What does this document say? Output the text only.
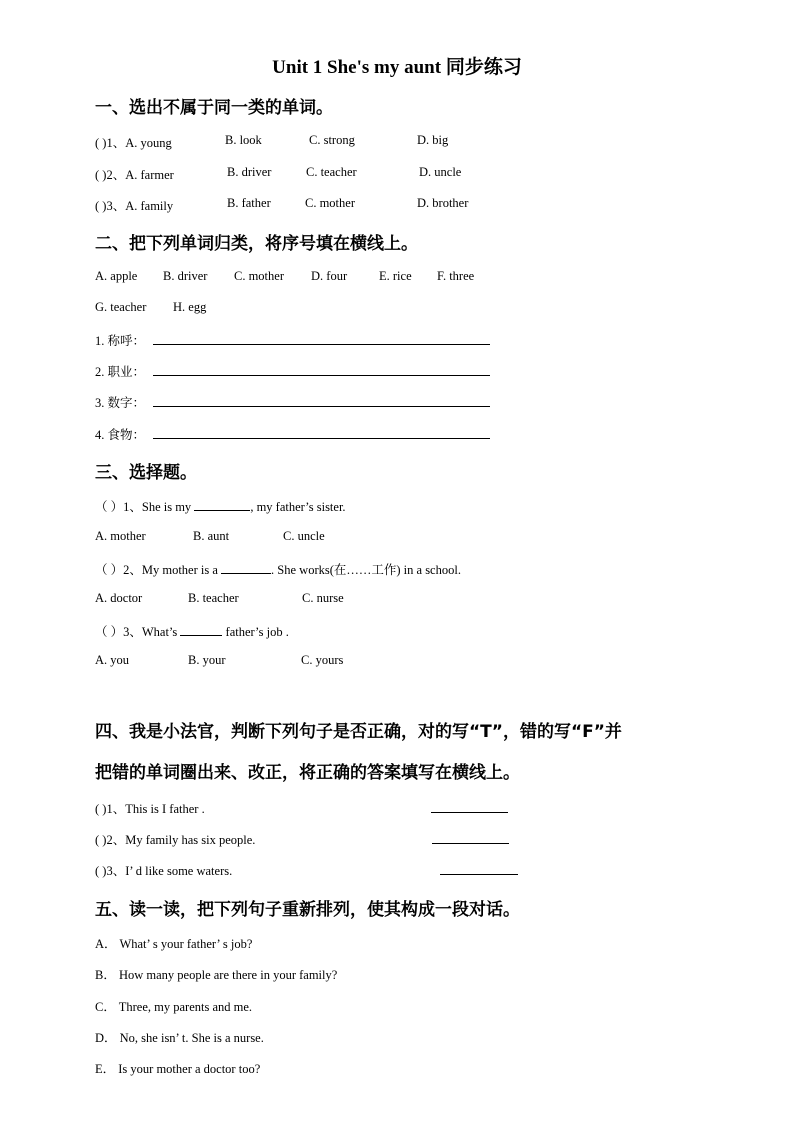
Unit 1 She's my aunt 同步练习
一、选出不属于同一类的单词。
( )1、A. young	B. look	C. strong	D. big
( )2、A. farmer	B. driver	C. teacher	D. uncle
( )3、A. family	B. father	C. mother	D. brother
二、把下列单词归类，将序号填在横线上。
A. apple B. driver C. mother D. four	E. rice F. three
G. teacher H. egg
1. 称呼：
2. 职业：
3. 数字：
4. 食物：
三、选择题。
（ ）1、She is my	, my father’s sister.
A. mother	B. aunt	C. uncle
（ ）2、My mother is a	. She works(在……工作) in a school.
A. doctor	B. teacher	C. nurse
（ ）3、What’s	father’s job .
A. you	B. your	C. yours
四、我是小法官，判断下列句子是否正确，对的写“T”，错的写“F”并
把错的单词圈出来、改正，将正确的答案填写在横线上。
( )1、This is I father .
( )2、My family has six people.
( )3、I’ d like some waters.
五、读一读，把下列句子重新排列，使其构成一段对话。
A． What’ s your father’ s job?
B． How many people are there in your family?
C． Three, my parents and me.
D． No, she isn’ t. She is a nurse.
E． Is your mother a doctor too?
